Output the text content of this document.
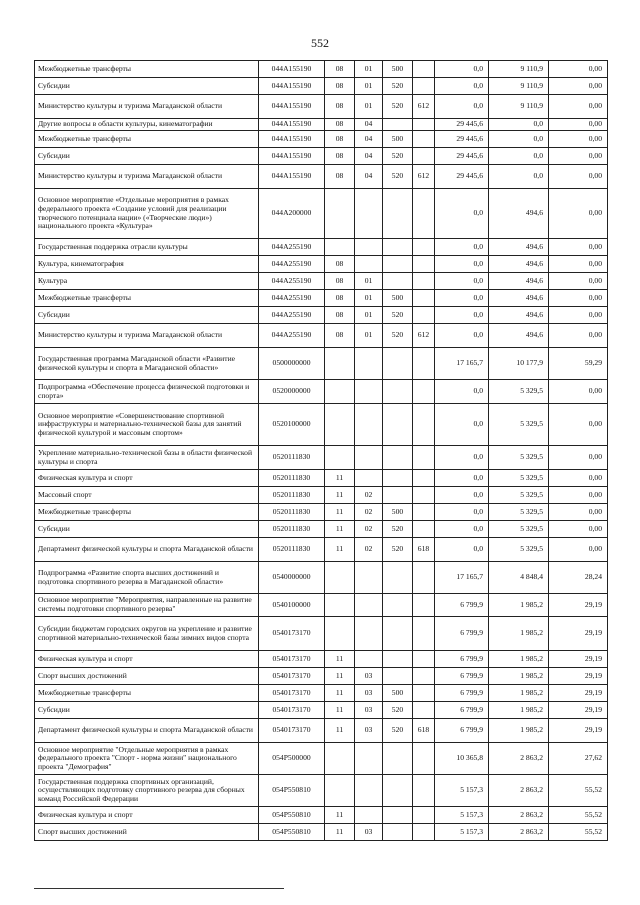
552
Межбюджетные трансферты	044A155190	08	01	500		0,0	9 110,9	0,00
Субсидии	044A155190	08	01	520		0,0	9 110,9	0,00
Министерство культуры и туризма Магаданской области	044A155190	08	01	520	612	0,0	9 110,9	0,00
Другие вопросы в области культуры, кинематографии	044A155190	08	04			29 445,6	0,0	0,00
Межбюджетные трансферты	044A155190	08	04	500		29 445,6	0,0	0,00
Субсидии	044A155190	08	04	520		29 445,6	0,0	0,00
Министерство культуры и туризма Магаданской области	044A155190	08	04	520	612	29 445,6	0,0	0,00
Основное мероприятие «Отдельные мероприятия в рамках федерального проекта «Создание условий для реализации творческого потенциала нации» («Творческие люди») национального проекта «Культура»	044A200000					0,0	494,6	0,00
Государственная поддержка отрасли культуры	044A255190					0,0	494,6	0,00
Культура, кинематография	044A255190	08				0,0	494,6	0,00
Культура	044A255190	08	01			0,0	494,6	0,00
Межбюджетные трансферты	044A255190	08	01	500		0,0	494,6	0,00
Субсидии	044A255190	08	01	520		0,0	494,6	0,00
Министерство культуры и туризма Магаданской области	044A255190	08	01	520	612	0,0	494,6	0,00
Государственная программа Магаданской области «Развитие физической культуры и спорта в Магаданской области»	0500000000					17 165,7	10 177,9	59,29
Подпрограмма «Обеспечение процесса физической подготовки и спорта»	0520000000					0,0	5 329,5	0,00
Основное мероприятие «Совершенствование спортивной инфраструктуры и материально-технической базы для занятий физической культурой и массовым спортом»	0520100000					0,0	5 329,5	0,00
Укрепление материально-технической базы в области физической культуры и спорта	0520111830					0,0	5 329,5	0,00
Физическая культура и спорт	0520111830	11				0,0	5 329,5	0,00
Массовый спорт	0520111830	11	02			0,0	5 329,5	0,00
Межбюджетные трансферты	0520111830	11	02	500		0,0	5 329,5	0,00
Субсидии	0520111830	11	02	520		0,0	5 329,5	0,00
Департамент физической культуры и спорта Магаданской области	0520111830	11	02	520	618	0,0	5 329,5	0,00
Подпрограмма «Развитие спорта высших достижений и подготовка спортивного резерва в Магаданской области»	0540000000					17 165,7	4 848,4	28,24
Основное мероприятие "Мероприятия, направленные на развитие системы подготовки спортивного резерва"	0540100000					6 799,9	1 985,2	29,19
Субсидии бюджетам городских округов на укрепление и развитие спортивной материально-технической базы зимних видов спорта	0540173170					6 799,9	1 985,2	29,19
Физическая культура и спорт	0540173170	11				6 799,9	1 985,2	29,19
Спорт высших достижений	0540173170	11	03			6 799,9	1 985,2	29,19
Межбюджетные трансферты	0540173170	11	03	500		6 799,9	1 985,2	29,19
Субсидии	0540173170	11	03	520		6 799,9	1 985,2	29,19
Департамент физической культуры и спорта Магаданской области	0540173170	11	03	520	618	6 799,9	1 985,2	29,19
Основное мероприятие "Отдельные мероприятия в рамках федерального проекта "Спорт - норма жизни" национального проекта "Демография"	054P500000					10 365,8	2 863,2	27,62
Государственная поддержка спортивных организаций, осуществляющих подготовку спортивного резерва для сборных команд Российской Федерации	054P550810					5 157,3	2 863,2	55,52
Физическая культура и спорт	054P550810	11				5 157,3	2 863,2	55,52
Спорт высших достижений	054P550810	11	03			5 157,3	2 863,2	55,52
